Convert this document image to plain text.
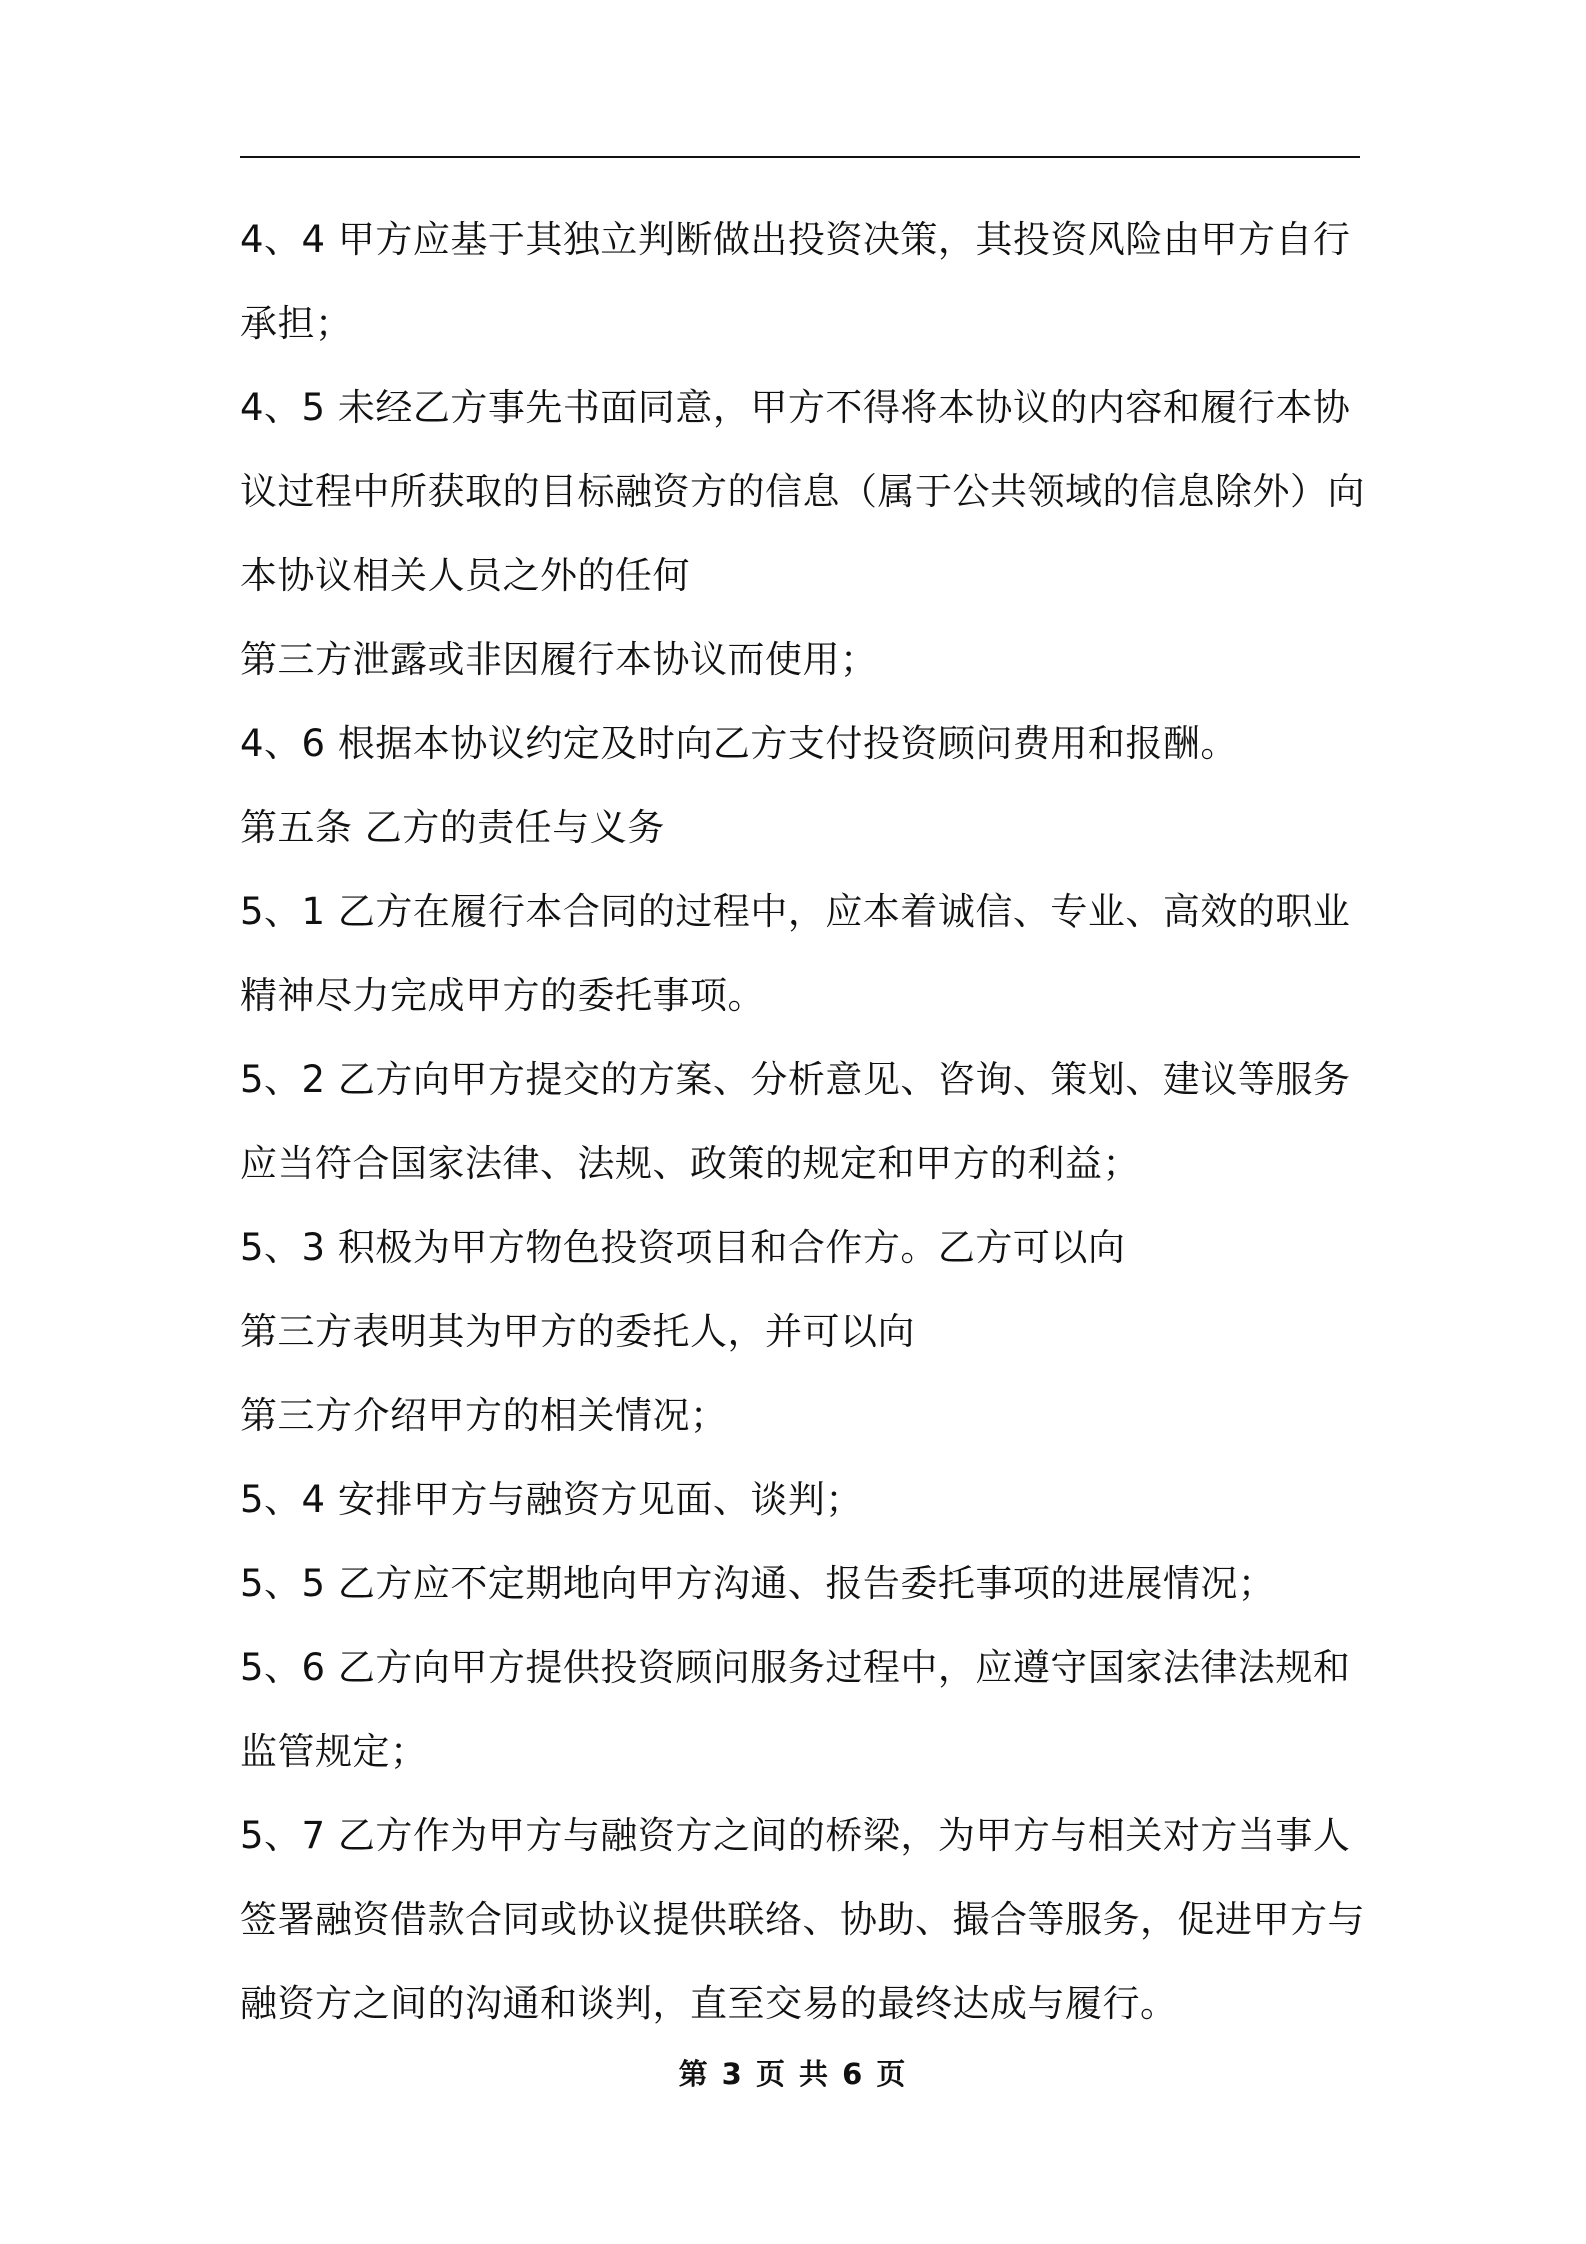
4、4 甲方应基于其独立判断做出投资决策，其投资风险由甲方自行
承担；
4、5 未经乙方事先书面同意，甲方不得将本协议的内容和履行本协
议过程中所获取的目标融资方的信息（属于公共领域的信息除外）向
本协议相关人员之外的任何
第三方泄露或非因履行本协议而使用；
4、6 根据本协议约定及时向乙方支付投资顾问费用和报酬。
第五条 乙方的责任与义务
5、1 乙方在履行本合同的过程中，应本着诚信、专业、高效的职业
精神尽力完成甲方的委托事项。
5、2 乙方向甲方提交的方案、分析意见、咨询、策划、建议等服务
应当符合国家法律、法规、政策的规定和甲方的利益；
5、3 积极为甲方物色投资项目和合作方。乙方可以向
第三方表明其为甲方的委托人，并可以向
第三方介绍甲方的相关情况；
5、4 安排甲方与融资方见面、谈判；
5、5 乙方应不定期地向甲方沟通、报告委托事项的进展情况；
5、6 乙方向甲方提供投资顾问服务过程中，应遵守国家法律法规和
监管规定；
5、7 乙方作为甲方与融资方之间的桥梁，为甲方与相关对方当事人
签署融资借款合同或协议提供联络、协助、撮合等服务，促进甲方与
融资方之间的沟通和谈判，直至交易的最终达成与履行。
第 3 页 共 6 页
